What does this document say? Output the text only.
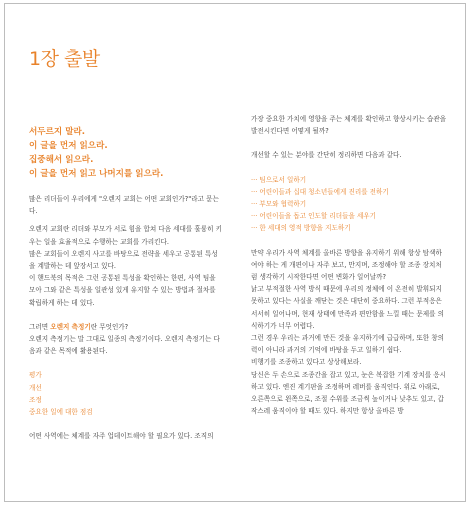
1장 출발
서두르지 말라.
이 글을 먼저 읽으라.
집중해서 읽으라.
이 글을 먼저 읽고 나머지를 읽으라.

많은 리더들이 우리에게 "오렌지 교회는 어떤 교회인가?"라고 묻는다.

오렌지 교회란 리더와 부모가 서로 힘을 합쳐 다음 세대를 훌륭히 키우는 일을 효율적으로 수행하는 교회를 가리킨다.

많은 교회들이 오렌지 사고를 바탕으로 전략을 세우고 공통된 특성을 계발하는 데 앞장서고 있다.

이 핸드북의 목적은 그런 공통된 특성을 확인하는 한편, 사역 팀을 모아 그와 같은 특성을 일관성 있게 유지할 수 있는 방법과 절차를 확립하게 하는 데 있다.

그러면 오렌지 측정기란 무엇인가?

오렌지 측정기는 말 그대로 일종의 측정기이다. 오렌지 측정기는 다음과 같은 목적에 활용된다.

평가

개선

조정

중요한 일에 대한 점검

어떤 사역에는 체계를 자주 업데이트해야 할 필요가 있다. 조직의

가장 중요한 가치에 영향을 주는 체계를 확인하고 향상시키는 습관을 발전시킨다면 어떻게 될까?

개선할 수 있는 분야를 간단히 정리하면 다음과 같다.

··· 팀으로서 일하기

··· 어린이들과 십대 청소년들에게 진리를 전하기

··· 부모와 협력하기

··· 어린이들을 돕고 인도할 리더들을 세우기

··· 한 세대의 영적 방향을 지도하기

만약 우리가 사역 체계를 올바른 방향을 유지하기 위해 항상 탐색하여야 하는 게 개편이나 자주 보고, 만지며, 조정해야 할 조종 장치처럼 생각하기 시작한다면 어떤 변화가 일어날까?

낡고 부적절한 사역 방식 때문에 우리의 정체에 이 온전히 발휘되지 못하고 있다는 사실을 깨닫는 것은 대단히 중요하다. 그런 부적응은 서서히 일어나며, 현재 상태에 만족과 편안함을 느낄 때는 문제를 의식하기가 너무 어렵다.

그런 경우 우리는 과거에 만든 것을 유지하기에 급급하며, 또한 창의력이 아니라 과거의 기억에 바탕을 두고 일하기 쉽다.

비행기를 조종하고 있다고 상상해보라.

당신은 두 손으로 조종간을 잡고 있고, 눈은 복잡한 기계 장치를 응시하고 있다. 엔진 계기판을 조정하며 레버를 움직인다. 위로 아래로, 오른쪽으로 왼쪽으로, 조절 수위를 조금씩 높이거나 낮추도 있고, 갑작스레 움직이야 할 때도 있다. 하지만 항상 올바른 방
